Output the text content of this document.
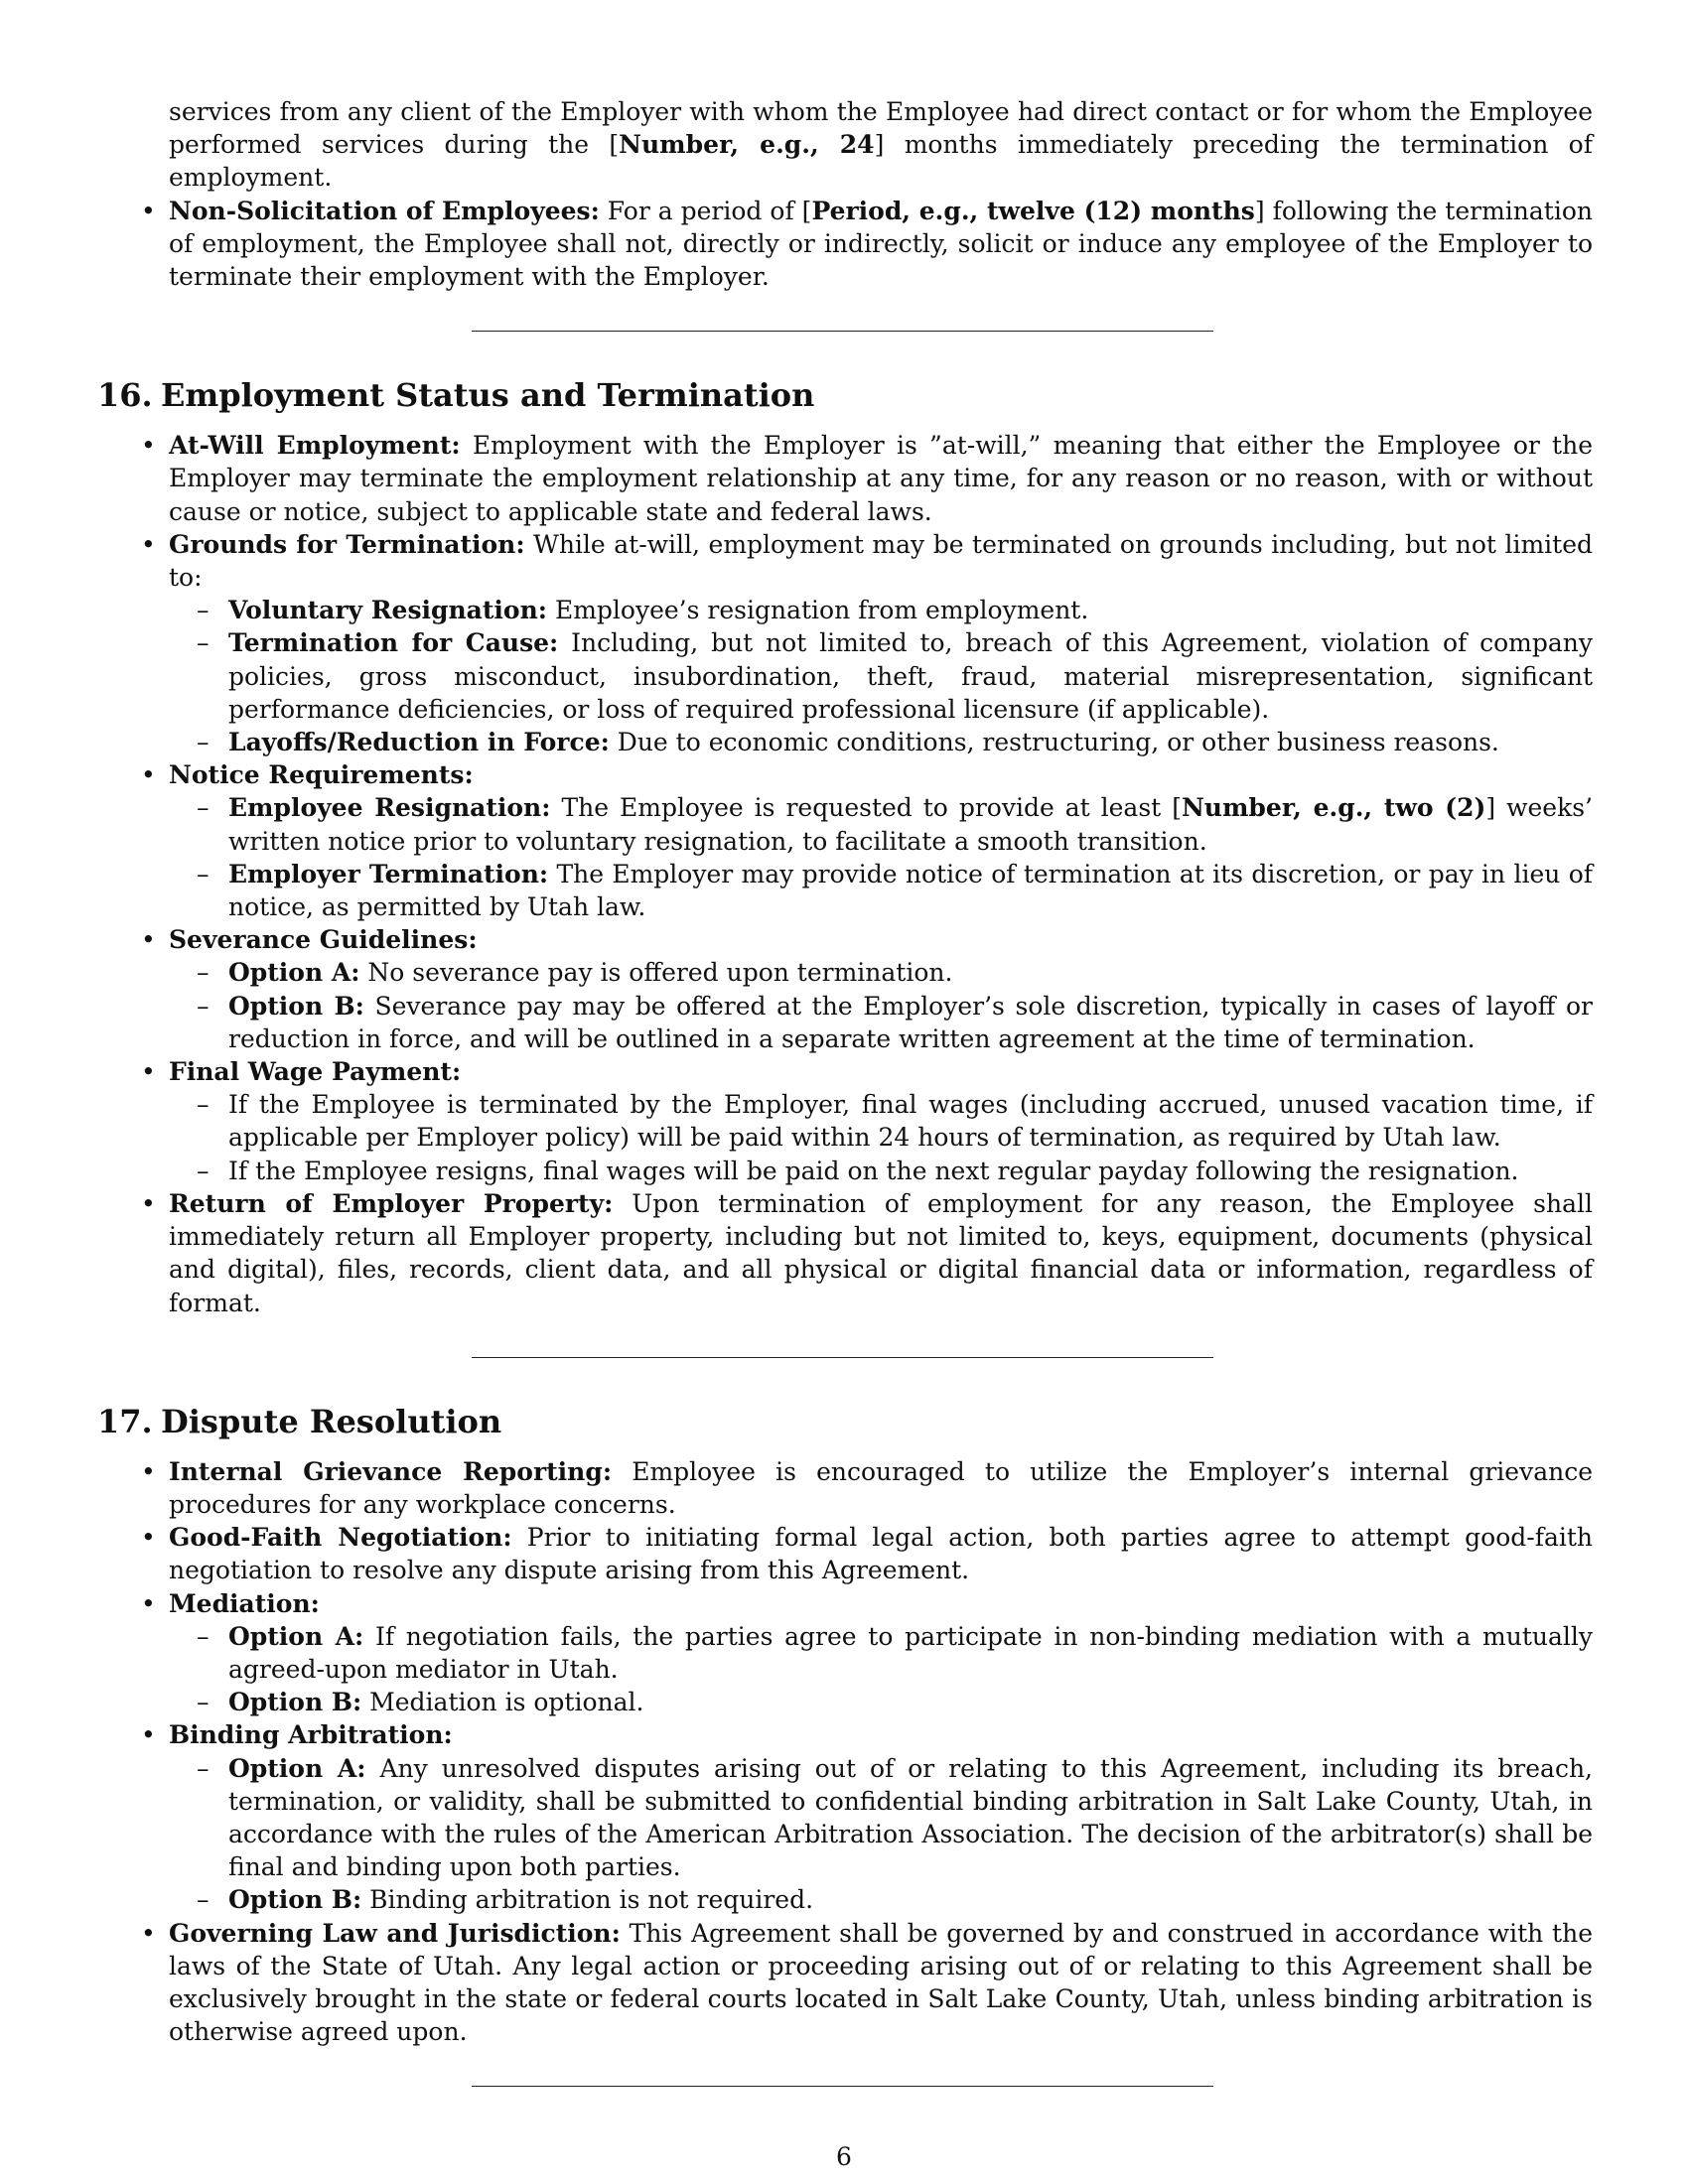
services from any client of the Employer with whom the Employee had direct contact or for whom the Employee performed services during the [Number, e.g., 24] months immediately preceding the termination of employment.
• Non-Solicitation of Employees: For a period of [Period, e.g., twelve (12) months] following the termination of employment, the Employee shall not, directly or indirectly, solicit or induce any employee of the Employer to terminate their employment with the Employer.
16. Employment Status and Termination
• At-Will Employment: Employment with the Employer is ”at-will,” meaning that either the Employee or the Employer may terminate the employment relationship at any time, for any reason or no reason, with or without cause or notice, subject to applicable state and federal laws.
• Grounds for Termination: While at-will, employment may be terminated on grounds including, but not limited to:
– Voluntary Resignation: Employee’s resignation from employment.
– Termination for Cause: Including, but not limited to, breach of this Agreement, violation of company policies, gross misconduct, insubordination, theft, fraud, material misrepresentation, significant performance deficiencies, or loss of required professional licensure (if applicable).
– Layoffs/Reduction in Force: Due to economic conditions, restructuring, or other business reasons.
• Notice Requirements:
– Employee Resignation: The Employee is requested to provide at least [Number, e.g., two (2)] weeks’ written notice prior to voluntary resignation, to facilitate a smooth transition.
– Employer Termination: The Employer may provide notice of termination at its discretion, or pay in lieu of notice, as permitted by Utah law.
• Severance Guidelines:
– Option A: No severance pay is offered upon termination.
– Option B: Severance pay may be offered at the Employer’s sole discretion, typically in cases of layoff or reduction in force, and will be outlined in a separate written agreement at the time of termination.
• Final Wage Payment:
– If the Employee is terminated by the Employer, final wages (including accrued, unused vacation time, if applicable per Employer policy) will be paid within 24 hours of termination, as required by Utah law.
– If the Employee resigns, final wages will be paid on the next regular payday following the resignation.
• Return of Employer Property: Upon termination of employment for any reason, the Employee shall immediately return all Employer property, including but not limited to, keys, equipment, documents (physical and digital), files, records, client data, and all physical or digital financial data or information, regardless of format.
17. Dispute Resolution
• Internal Grievance Reporting: Employee is encouraged to utilize the Employer’s internal grievance procedures for any workplace concerns.
• Good-Faith Negotiation: Prior to initiating formal legal action, both parties agree to attempt good-faith negotiation to resolve any dispute arising from this Agreement.
• Mediation:
– Option A: If negotiation fails, the parties agree to participate in non-binding mediation with a mutually agreed-upon mediator in Utah.
– Option B: Mediation is optional.
• Binding Arbitration:
– Option A: Any unresolved disputes arising out of or relating to this Agreement, including its breach, termination, or validity, shall be submitted to confidential binding arbitration in Salt Lake County, Utah, in accordance with the rules of the American Arbitration Association. The decision of the arbitrator(s) shall be final and binding upon both parties.
– Option B: Binding arbitration is not required.
• Governing Law and Jurisdiction: This Agreement shall be governed by and construed in accordance with the laws of the State of Utah. Any legal action or proceeding arising out of or relating to this Agreement shall be exclusively brought in the state or federal courts located in Salt Lake County, Utah, unless binding arbitration is otherwise agreed upon.
6
